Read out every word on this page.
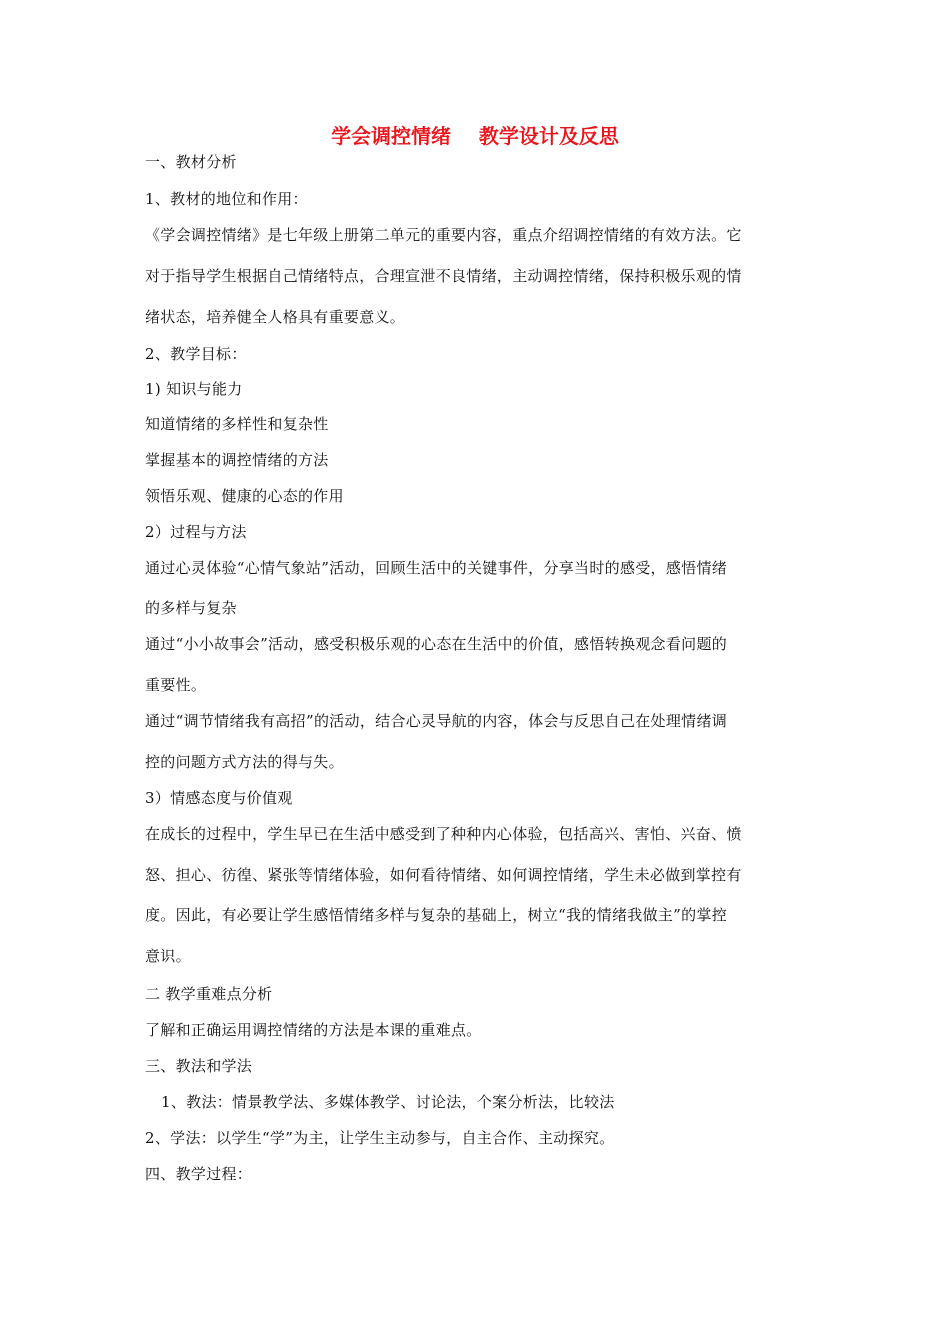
学会调控情绪    教学设计及反思
一、教材分析
1、教材的地位和作用：
《学会调控情绪》是七年级上册第二单元的重要内容，重点介绍调控情绪的有效方法。它
对于指导学生根据自己情绪特点，合理宣泄不良情绪，主动调控情绪，保持积极乐观的情
绪状态，培养健全人格具有重要意义。
2、教学目标：
1) 知识与能力
知道情绪的多样性和复杂性
掌握基本的调控情绪的方法
领悟乐观、健康的心态的作用
2）过程与方法
通过心灵体验“心情气象站”活动，回顾生活中的关键事件，分享当时的感受，感悟情绪
的多样与复杂
通过“小小故事会”活动，感受积极乐观的心态在生活中的价值，感悟转换观念看问题的
重要性。
通过“调节情绪我有高招”的活动，结合心灵导航的内容，体会与反思自己在处理情绪调
控的问题方式方法的得与失。
3）情感态度与价值观
在成长的过程中，学生早已在生活中感受到了种种内心体验，包括高兴、害怕、兴奋、愤
怒、担心、彷徨、紧张等情绪体验，如何看待情绪、如何调控情绪，学生未必做到掌控有
度。因此，有必要让学生感悟情绪多样与复杂的基础上，树立“我的情绪我做主”的掌控
意识。
二 教学重难点分析
了解和正确运用调控情绪的方法是本课的重难点。
三、教法和学法
1、教法：情景教学法、多媒体教学、讨论法，个案分析法，比较法
2、学法：以学生“学”为主，让学生主动参与，自主合作、主动探究。
四、教学过程：
